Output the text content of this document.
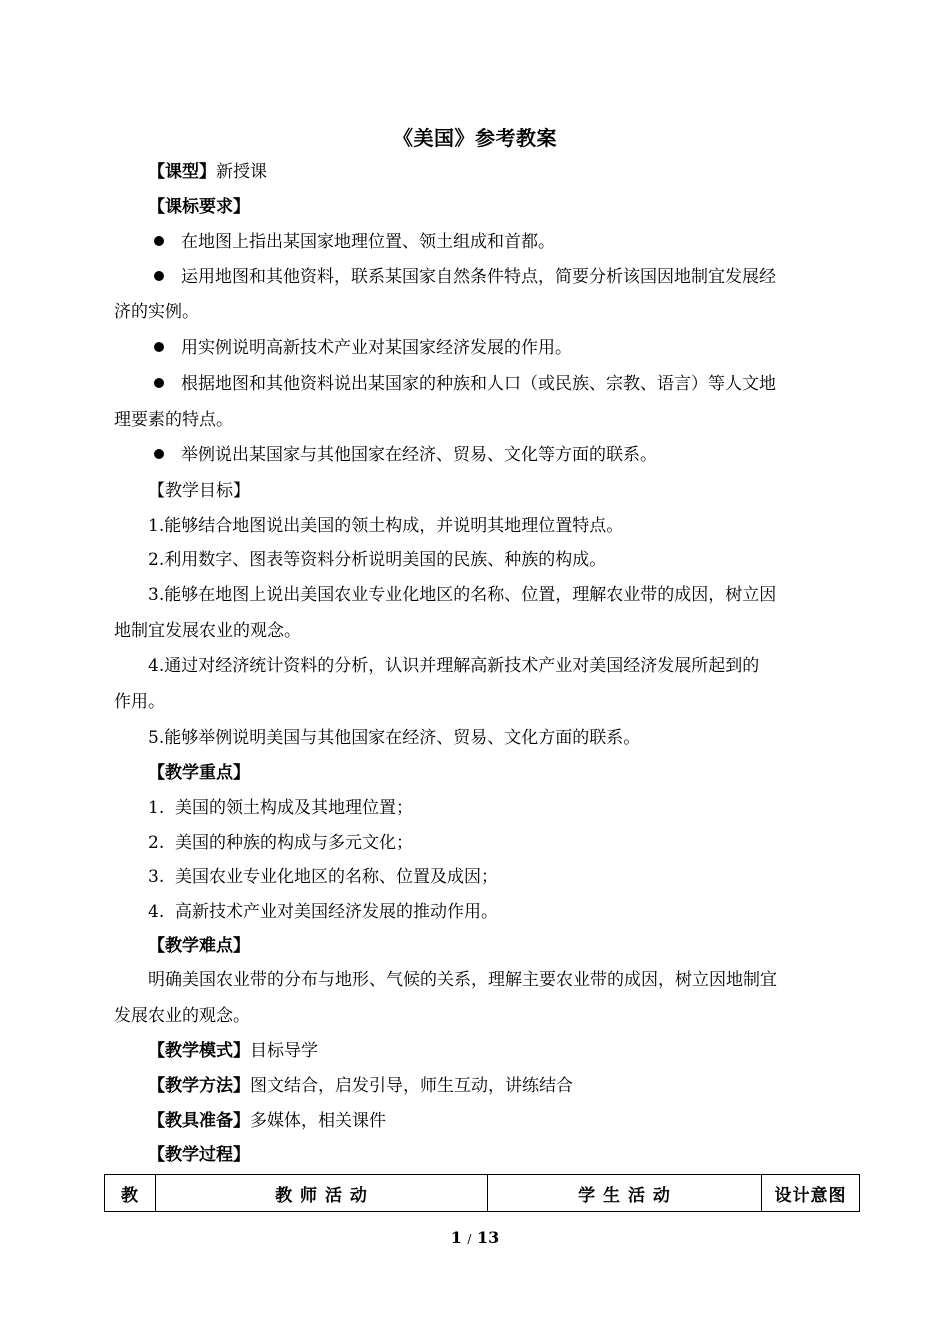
《美国》参考教案
【课型】新授课
【课标要求】
在地图上指出某国家地理位置、领土组成和首都。
运用地图和其他资料，联系某国家自然条件特点，简要分析该国因地制宜发展经
济的实例。
用实例说明高新技术产业对某国家经济发展的作用。
根据地图和其他资料说出某国家的种族和人口（或民族、宗教、语言）等人文地
理要素的特点。
举例说出某国家与其他国家在经济、贸易、文化等方面的联系。
【教学目标】
1.能够结合地图说出美国的领土构成，并说明其地理位置特点。
2.利用数字、图表等资料分析说明美国的民族、种族的构成。
3.能够在地图上说出美国农业专业化地区的名称、位置，理解农业带的成因，树立因
地制宜发展农业的观念。
4.通过对经济统计资料的分析，认识并理解高新技术产业对美国经济发展所起到的
作用。
5.能够举例说明美国与其他国家在经济、贸易、文化方面的联系。
【教学重点】
1.  美国的领土构成及其地理位置；
2.  美国的种族的构成与多元文化；
3.  美国农业专业化地区的名称、位置及成因；
4.  高新技术产业对美国经济发展的推动作用。
【教学难点】
明确美国农业带的分布与地形、气候的关系，理解主要农业带的成因，树立因地制宜
发展农业的观念。
【教学模式】目标导学
【教学方法】图文结合，启发引导，师生互动，讲练结合
【教具准备】多媒体，相关课件
【教学过程】
教	教 师 活 动	学 生 活 动	设计意图
1 / 13
